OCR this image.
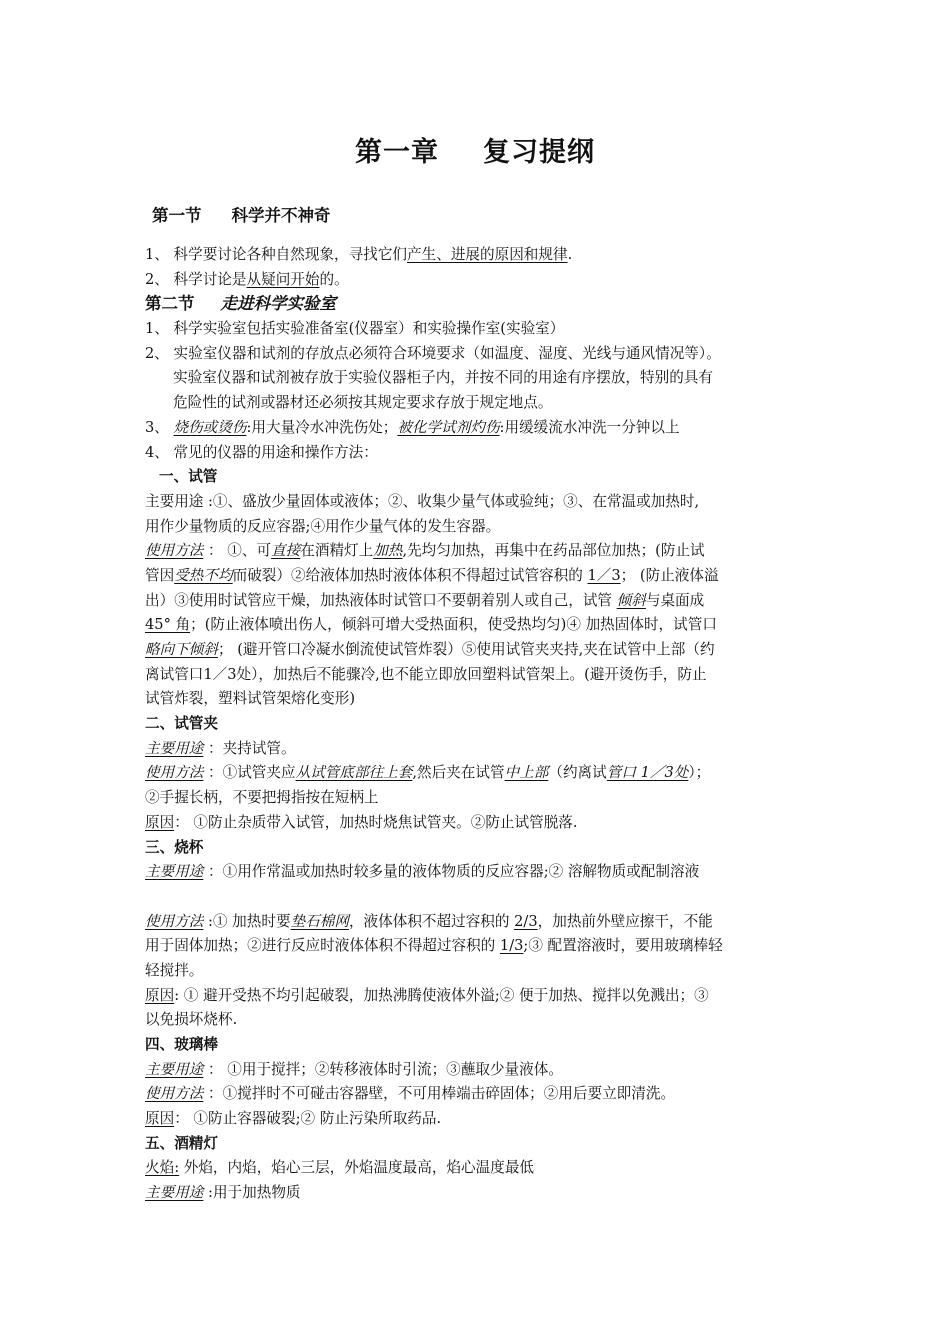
第一章 复习提纲
第一节 科学并不神奇
1、 科学要讨论各种自然现象，寻找它们产生、进展的原因和规律.
2、 科学讨论是从疑问开始的。
第二节 走进科学实验室
1、 科学实验室包括实验准备室(仪器室）和实验操作室(实验室）
2、 实验室仪器和试剂的存放点必须符合环境要求（如温度、湿度、光线与通风情况等）。
实验室仪器和试剂被存放于实验仪器柜子内，并按不同的用途有序摆放，特别的具有
危险性的试剂或器材还必须按其规定要求存放于规定地点。
3、 烧伤或烫伤:用大量冷水冲洗伤处；被化学试剂灼伤:用缓缓流水冲洗一分钟以上
4、 常见的仪器的用途和操作方法：
一、试管
主要用途 :①、盛放少量固体或液体；②、收集少量气体或验纯；③、在常温或加热时,
用作少量物质的反应容器;④用作少量气体的发生容器。
使用方法 ： ①、可直接在酒精灯上加热,先均匀加热，再集中在药品部位加热；(防止试
管因受热不均而破裂）②给液体加热时液体体积不得超过试管容积的 1／3； (防止液体溢
出）③使用时试管应干燥，加热液体时试管口不要朝着别人或自己，试管 倾斜与桌面成
45° 角；(防止液体喷出伤人，倾斜可增大受热面积，使受热均匀)④ 加热固体时，试管口
略向下倾斜； (避开管口冷凝水倒流使试管炸裂）⑤使用试管夹夹持,夹在试管中上部（约
离试管口1／3处），加热后不能骤冷,也不能立即放回塑料试管架上。(避开烫伤手，防止
试管炸裂，塑料试管架熔化变形)
二、试管夹
主要用途 ：夹持试管。
使用方法 ：①试管夹应从试管底部往上套,然后夹在试管中上部（约离试管口 1／3处）；
②手握长柄，不要把拇指按在短柄上
原因： ①防止杂质带入试管，加热时烧焦试管夹。②防止试管脱落.
三、烧杯
主要用途 ：①用作常温或加热时较多量的液体物质的反应容器;② 溶解物质或配制溶液
使用方法 :① 加热时要垫石棉网，液体体积不超过容积的 2/3，加热前外壁应擦干，不能
用于固体加热；②进行反应时液体体积不得超过容积的 1/3;③ 配置溶液时，要用玻璃棒轻
轻搅拌。
原因: ① 避开受热不均引起破裂，加热沸腾使液体外溢;② 便于加热、搅拌以免溅出；③
以免损坏烧杯.
四、玻璃棒
主要用途 ： ①用于搅拌；②转移液体时引流；③蘸取少量液体。
使用方法 ：①搅拌时不可碰击容器壁，不可用棒端击碎固体；②用后要立即清洗。
原因： ①防止容器破裂;② 防止污染所取药品.
五、酒精灯
火焰: 外焰，内焰，焰心三层，外焰温度最高，焰心温度最低
主要用途 :用于加热物质
